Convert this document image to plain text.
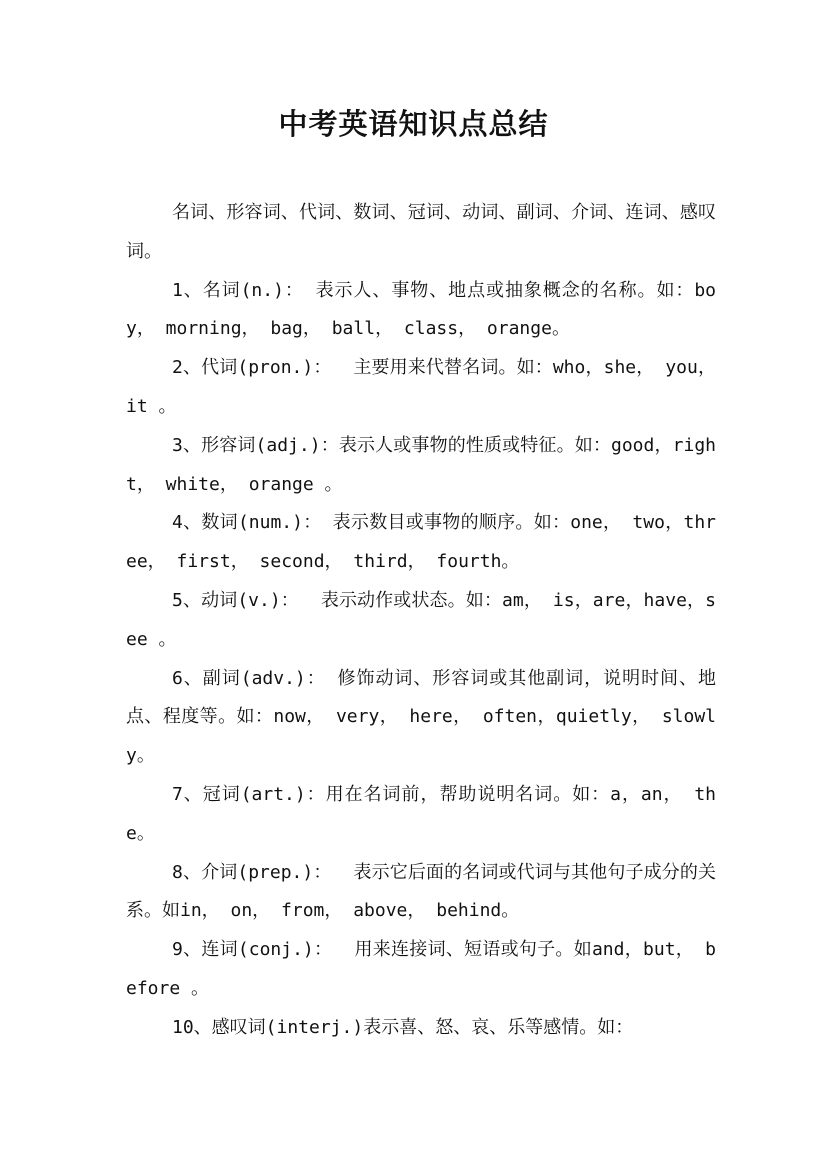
中考英语知识点总结

名词、形容词、代词、数词、冠词、动词、副词、介词、连词、感叹词。

1、名词(n.)： 表示人、事物、地点或抽象概念的名称。如：boy， morning， bag， ball， class， orange。

2、代词(pron.)：  主要用来代替名词。如：who，she， you， it 。

3、形容词(adj.)：表示人或事物的性质或特征。如：good，right， white， orange 。

4、数词(num.)： 表示数目或事物的顺序。如：one， two，three， first， second， third， fourth。

5、动词(v.)：  表示动作或状态。如：am， is，are，have，see 。

6、副词(adv.)： 修饰动词、形容词或其他副词，说明时间、地点、程度等。如：now， very， here， often，quietly， slowly。

7、冠词(art.)：用在名词前，帮助说明名词。如：a，an， the。

8、介词(prep.)：  表示它后面的名词或代词与其他句子成分的关系。如in， on， from， above， behind。

9、连词(conj.)：  用来连接词、短语或句子。如and，but， before 。

10、感叹词(interj.)表示喜、怒、哀、乐等感情。如：
